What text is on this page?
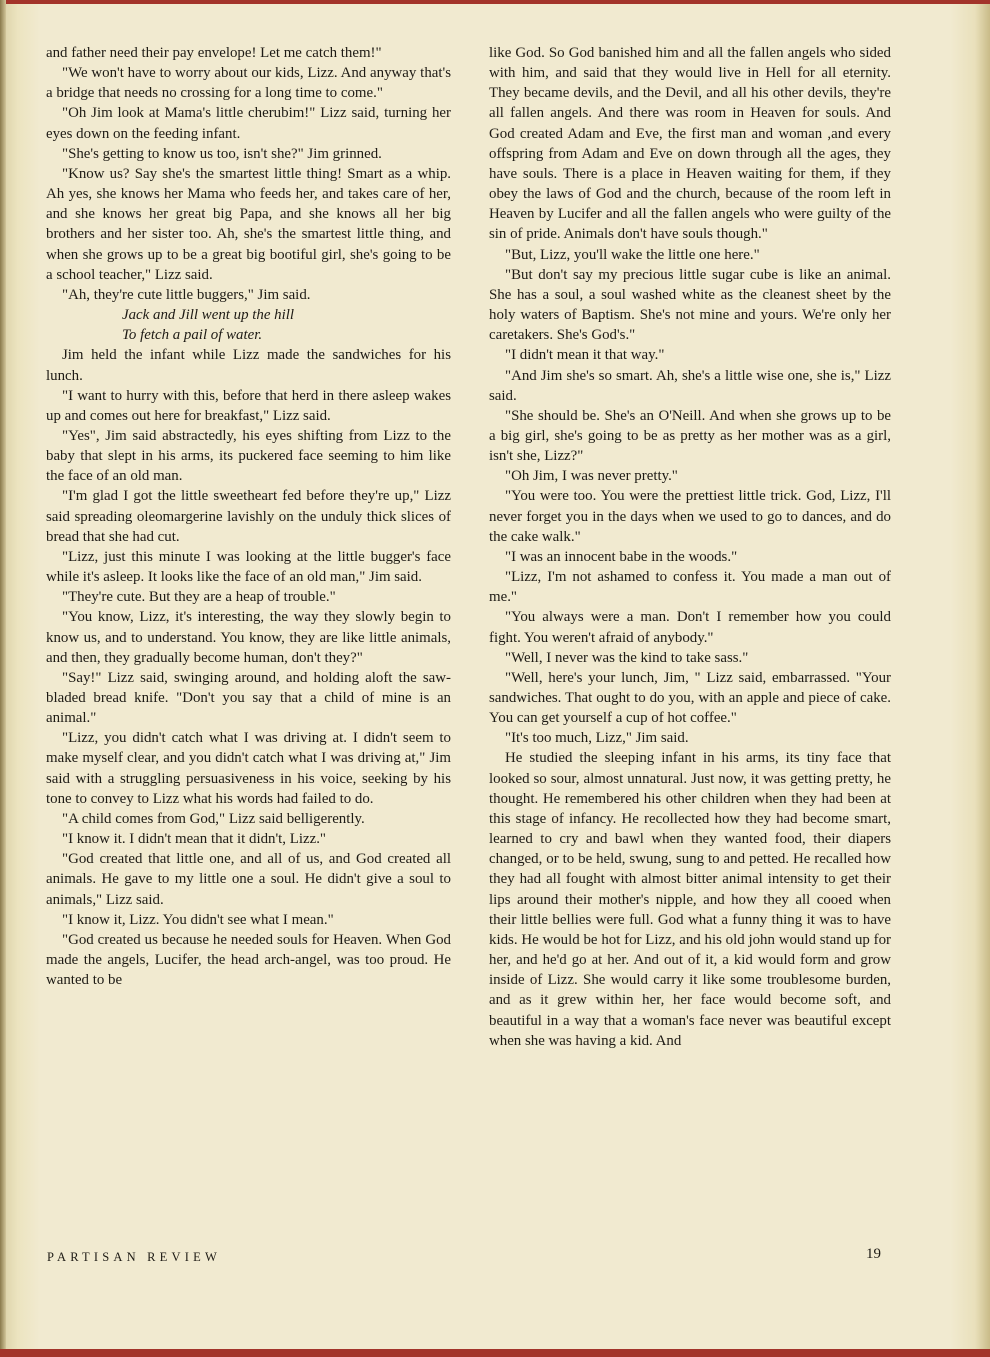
and father need their pay envelope! Let me catch them!"

"We won't have to worry about our kids, Lizz. And anyway that's a bridge that needs no crossing for a long time to come."

"Oh Jim look at Mama's little cherubim!" Lizz said, turning her eyes down on the feeding infant.

"She's getting to know us too, isn't she?" Jim grinned.

"Know us? Say she's the smartest little thing! Smart as a whip. Ah yes, she knows her Mama who feeds her, and takes care of her, and she knows her great big Papa, and she knows all her big brothers and her sister too. Ah, she's the smartest little thing, and when she grows up to be a great big bootiful girl, she's going to be a school teacher," Lizz said.

"Ah, they're cute little buggers," Jim said.

Jack and Jill went up the hill

To fetch a pail of water.

Jim held the infant while Lizz made the sandwiches for his lunch.

"I want to hurry with this, before that herd in there asleep wakes up and comes out here for breakfast," Lizz said.

"Yes", Jim said abstractedly, his eyes shifting from Lizz to the baby that slept in his arms, its puckered face seeming to him like the face of an old man.

"I'm glad I got the little sweetheart fed before they're up," Lizz said spreading oleomargerine lavishly on the unduly thick slices of bread that she had cut.

"Lizz, just this minute I was looking at the little bugger's face while it's asleep. It looks like the face of an old man," Jim said.

"They're cute. But they are a heap of trouble."

"You know, Lizz, it's interesting, the way they slowly begin to know us, and to understand. You know, they are like little animals, and then, they gradually become human, don't they?"

"Say!" Lizz said, swinging around, and holding aloft the saw-bladed bread knife. "Don't you say that a child of mine is an animal."

"Lizz, you didn't catch what I was driving at. I didn't seem to make myself clear, and you didn't catch what I was driving at," Jim said with a struggling persuasiveness in his voice, seeking by his tone to convey to Lizz what his words had failed to do.

"A child comes from God," Lizz said belligerently.

"I know it. I didn't mean that it didn't, Lizz."

"God created that little one, and all of us, and God created all animals. He gave to my little one a soul. He didn't give a soul to animals," Lizz said.

"I know it, Lizz. You didn't see what I mean."

"God created us because he needed souls for Heaven. When God made the angels, Lucifer, the head arch-angel, was too proud. He wanted to be

like God. So God banished him and all the fallen angels who sided with him, and said that they would live in Hell for all eternity. They became devils, and the Devil, and all his other devils, they're all fallen angels. And there was room in Heaven for souls. And God created Adam and Eve, the first man and woman ,and every offspring from Adam and Eve on down through all the ages, they have souls. There is a place in Heaven waiting for them, if they obey the laws of God and the church, because of the room left in Heaven by Lucifer and all the fallen angels who were guilty of the sin of pride. Animals don't have souls though."

"But, Lizz, you'll wake the little one here."

"But don't say my precious little sugar cube is like an animal. She has a soul, a soul washed white as the cleanest sheet by the holy waters of Baptism. She's not mine and yours. We're only her caretakers. She's God's."

"I didn't mean it that way."

"And Jim she's so smart. Ah, she's a little wise one, she is," Lizz said.

"She should be. She's an O'Neill. And when she grows up to be a big girl, she's going to be as pretty as her mother was as a girl, isn't she, Lizz?"

"Oh Jim, I was never pretty."

"You were too. You were the prettiest little trick. God, Lizz, I'll never forget you in the days when we used to go to dances, and do the cake walk."

"I was an innocent babe in the woods."

"Lizz, I'm not ashamed to confess it. You made a man out of me."

"You always were a man. Don't I remember how you could fight. You weren't afraid of anybody."

"Well, I never was the kind to take sass."

"Well, here's your lunch, Jim, " Lizz said, embarrassed. "Your sandwiches. That ought to do you, with an apple and piece of cake. You can get yourself a cup of hot coffee."

"It's too much, Lizz," Jim said.

He studied the sleeping infant in his arms, its tiny face that looked so sour, almost unnatural. Just now, it was getting pretty, he thought. He remembered his other children when they had been at this stage of infancy. He recollected how they had become smart, learned to cry and bawl when they wanted food, their diapers changed, or to be held, swung, sung to and petted. He recalled how they had all fought with almost bitter animal intensity to get their lips around their mother's nipple, and how they all cooed when their little bellies were full. God what a funny thing it was to have kids. He would be hot for Lizz, and his old john would stand up for her, and he'd go at her. And out of it, a kid would form and grow inside of Lizz. She would carry it like some troublesome burden, and as it grew within her, her face would become soft, and beautiful in a way that a woman's face never was beautiful except when she was having a kid. And

PARTISAN REVIEW	19
